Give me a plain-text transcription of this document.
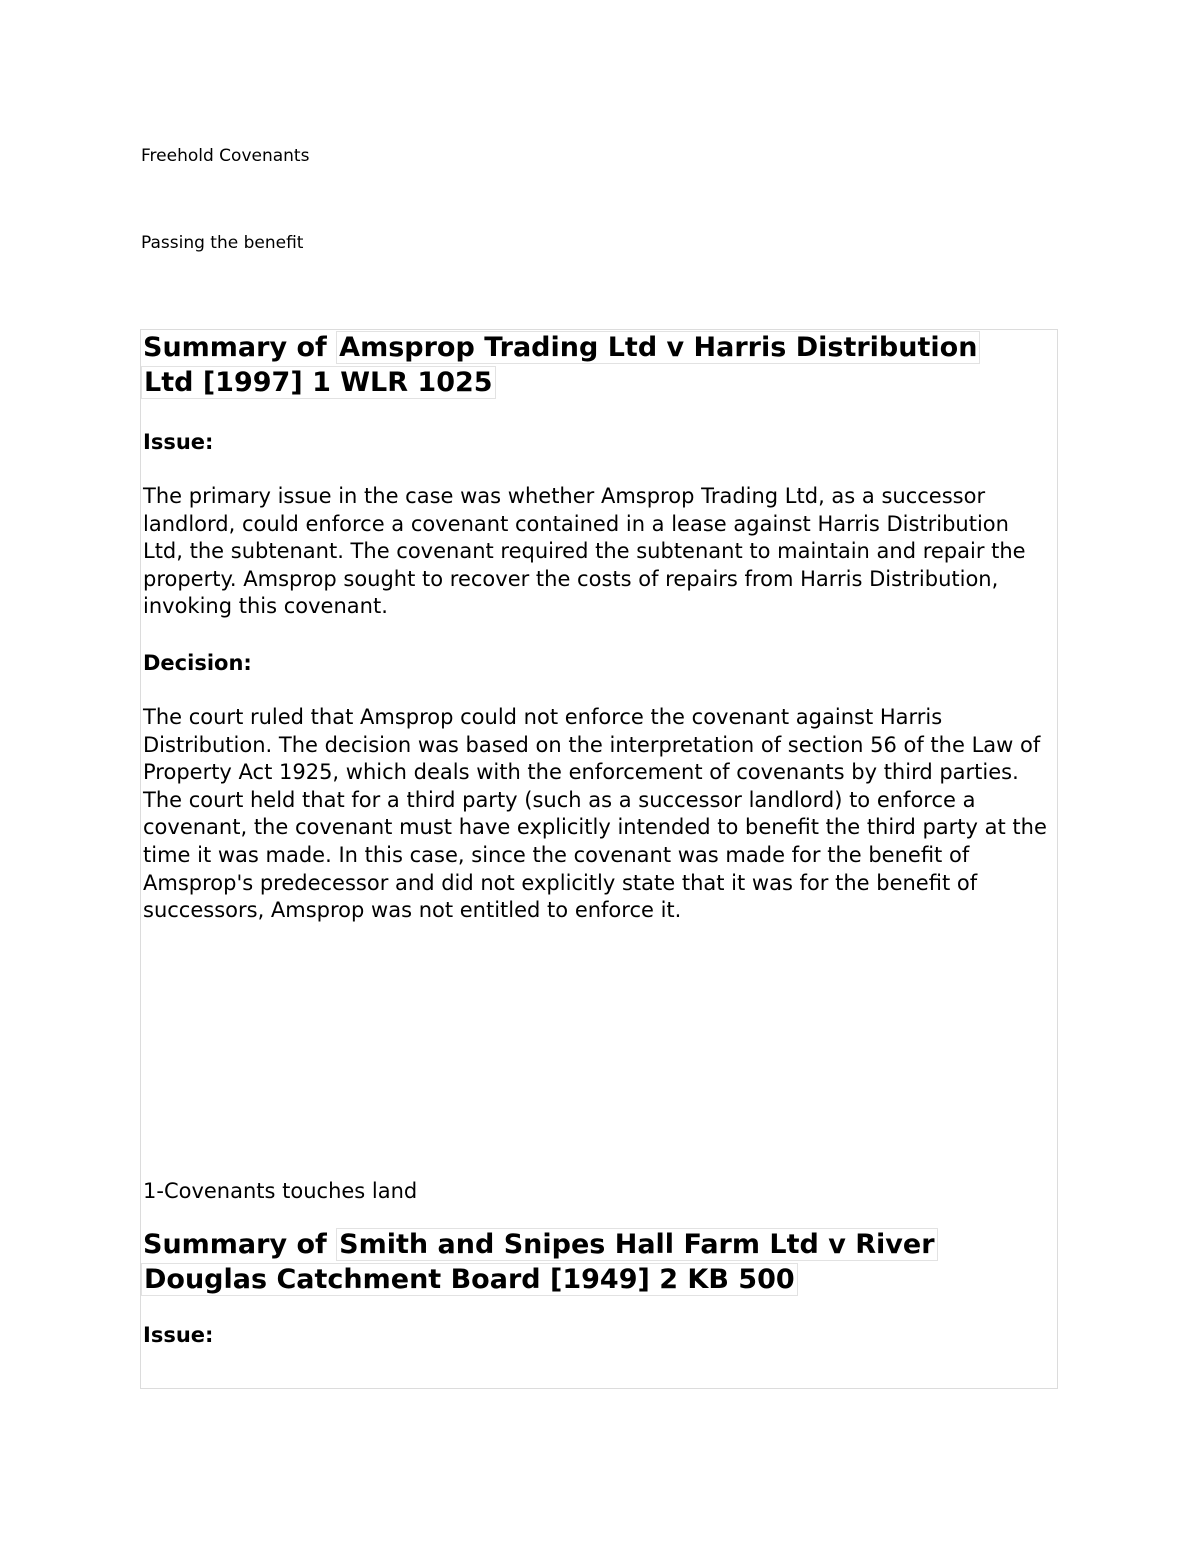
Freehold Covenants

Passing the benefit

Summary of Amsprop Trading Ltd v Harris Distribution
Ltd [1997] 1 WLR 1025

Issue:

The primary issue in the case was whether Amsprop Trading Ltd, as a successor landlord, could enforce a covenant contained in a lease against Harris Distribution Ltd, the subtenant. The covenant required the subtenant to maintain and repair the property. Amsprop sought to recover the costs of repairs from Harris Distribution, invoking this covenant.

Decision:

The court ruled that Amsprop could not enforce the covenant against Harris Distribution. The decision was based on the interpretation of section 56 of the Law of Property Act 1925, which deals with the enforcement of covenants by third parties. The court held that for a third party (such as a successor landlord) to enforce a covenant, the covenant must have explicitly intended to benefit the third party at the time it was made. In this case, since the covenant was made for the benefit of Amsprop's predecessor and did not explicitly state that it was for the benefit of successors, Amsprop was not entitled to enforce it.

1-Covenants touches land

Summary of Smith and Snipes Hall Farm Ltd v River
Douglas Catchment Board [1949] 2 KB 500

Issue:
